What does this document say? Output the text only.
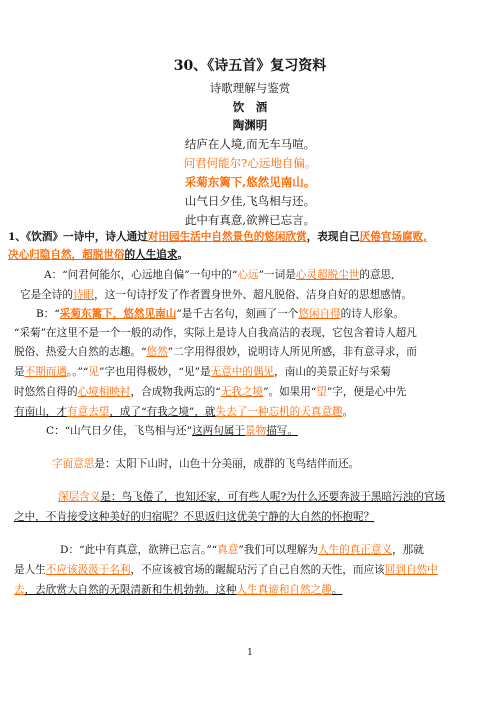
30、《诗五首》复习资料
诗歌理解与鉴赏
饮　酒
陶渊明
结庐在人境,而无车马喧。
问君何能尔?心远地自偏。
采菊东篱下,悠然见南山。
山气日夕佳,飞鸟相与还。
此中有真意,欲辨已忘言。
1、《饮酒》一诗中，诗人通过对田园生活中自然景色的悠闲欣赏，表现自己厌倦官场腐败,
决心归隐自然，超脱世俗的人生追求。
A：“问君何能尔，心远地自偏”一句中的“心远”一词是心灵超脱尘世的意思,
它是全诗的诗眼，这一句诗抒发了作者置身世外、超凡脱俗、洁身自好的思想感情。
B：“采菊东篱下，悠然见南山”是千古名句，刻画了一个悠闲自得的诗人形象。
“采菊”在这里不是一个一般的动作，实际上是诗人自我高洁的表现，它包含着诗人超凡
脱俗、热爱大自然的志趣。“悠然”二字用得很妙，说明诗人所见所感，非有意寻求，而
是不期而遇。。”“见”字也用得极妙，“见”是无意中的偶见，南山的美景正好与采菊
时悠然自得的心境相映衬，合成物我两忘的“无我之境”。如果用“望”字，便是心中先
有南山，才有意去望，成了“有我之境”，就失去了一种忘机的天真意趣。
C：“山气日夕佳，飞鸟相与还”这两句属于景物描写。
字面意思是：太阳下山时，山色十分美丽，成群的飞鸟结伴而还。
深层含义是：鸟飞倦了，也知还家，可有些人呢?为什么还要奔波于黑暗污浊的官场
之中，不肯接受这种美好的归宿呢？不思返归这优美宁静的大自然的怀抱呢？
D：“此中有真意，欲辨已忘言。”“真意”我们可以理解为人生的真正意义，那就
是人生不应该汲汲于名利，不应该被官场的龌龊玷污了自己自然的天性，而应该回到自然中
去，去欣赏大自然的无限清新和生机勃勃。这种人生真谛和自然之趣。
1
